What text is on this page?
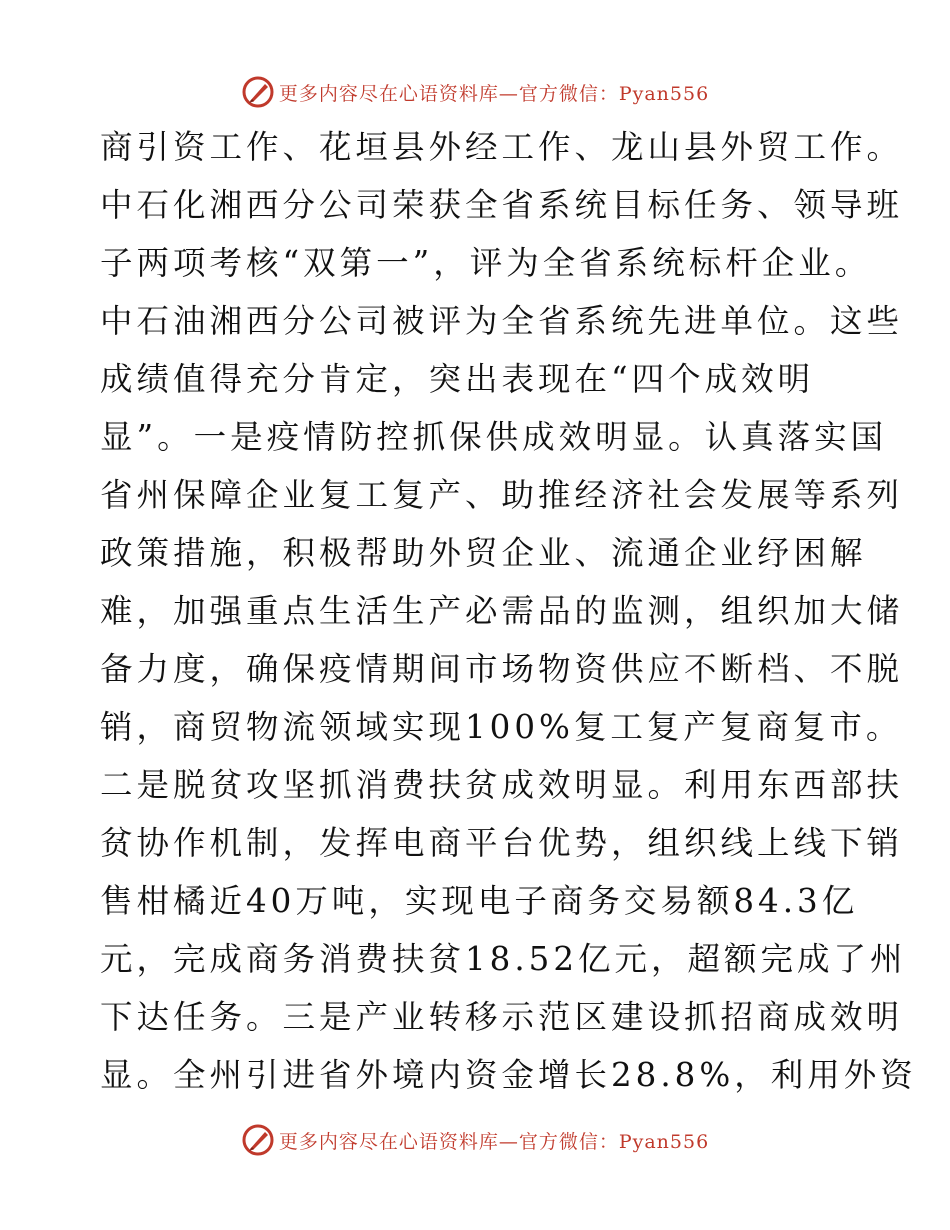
更多内容尽在心语资料库—官方微信：Pyan556
商引资工作、花垣县外经工作、龙山县外贸工作。
中石化湘西分公司荣获全省系统目标任务、领导班
子两项考核“双第一”，评为全省系统标杆企业。
中石油湘西分公司被评为全省系统先进单位。这些
成绩值得充分肯定，突出表现在“四个成效明
显”。一是疫情防控抓保供成效明显。认真落实国
省州保障企业复工复产、助推经济社会发展等系列
政策措施，积极帮助外贸企业、流通企业纾困解
难，加强重点生活生产必需品的监测，组织加大储
备力度，确保疫情期间市场物资供应不断档、不脱
销，商贸物流领域实现100%复工复产复商复市。
二是脱贫攻坚抓消费扶贫成效明显。利用东西部扶
贫协作机制，发挥电商平台优势，组织线上线下销
售柑橘近40万吨，实现电子商务交易额84.3亿
元，完成商务消费扶贫18.52亿元，超额完成了州
下达任务。三是产业转移示范区建设抓招商成效明
显。全州引进省外境内资金增长28.8%，利用外资
更多内容尽在心语资料库—官方微信：Pyan556
